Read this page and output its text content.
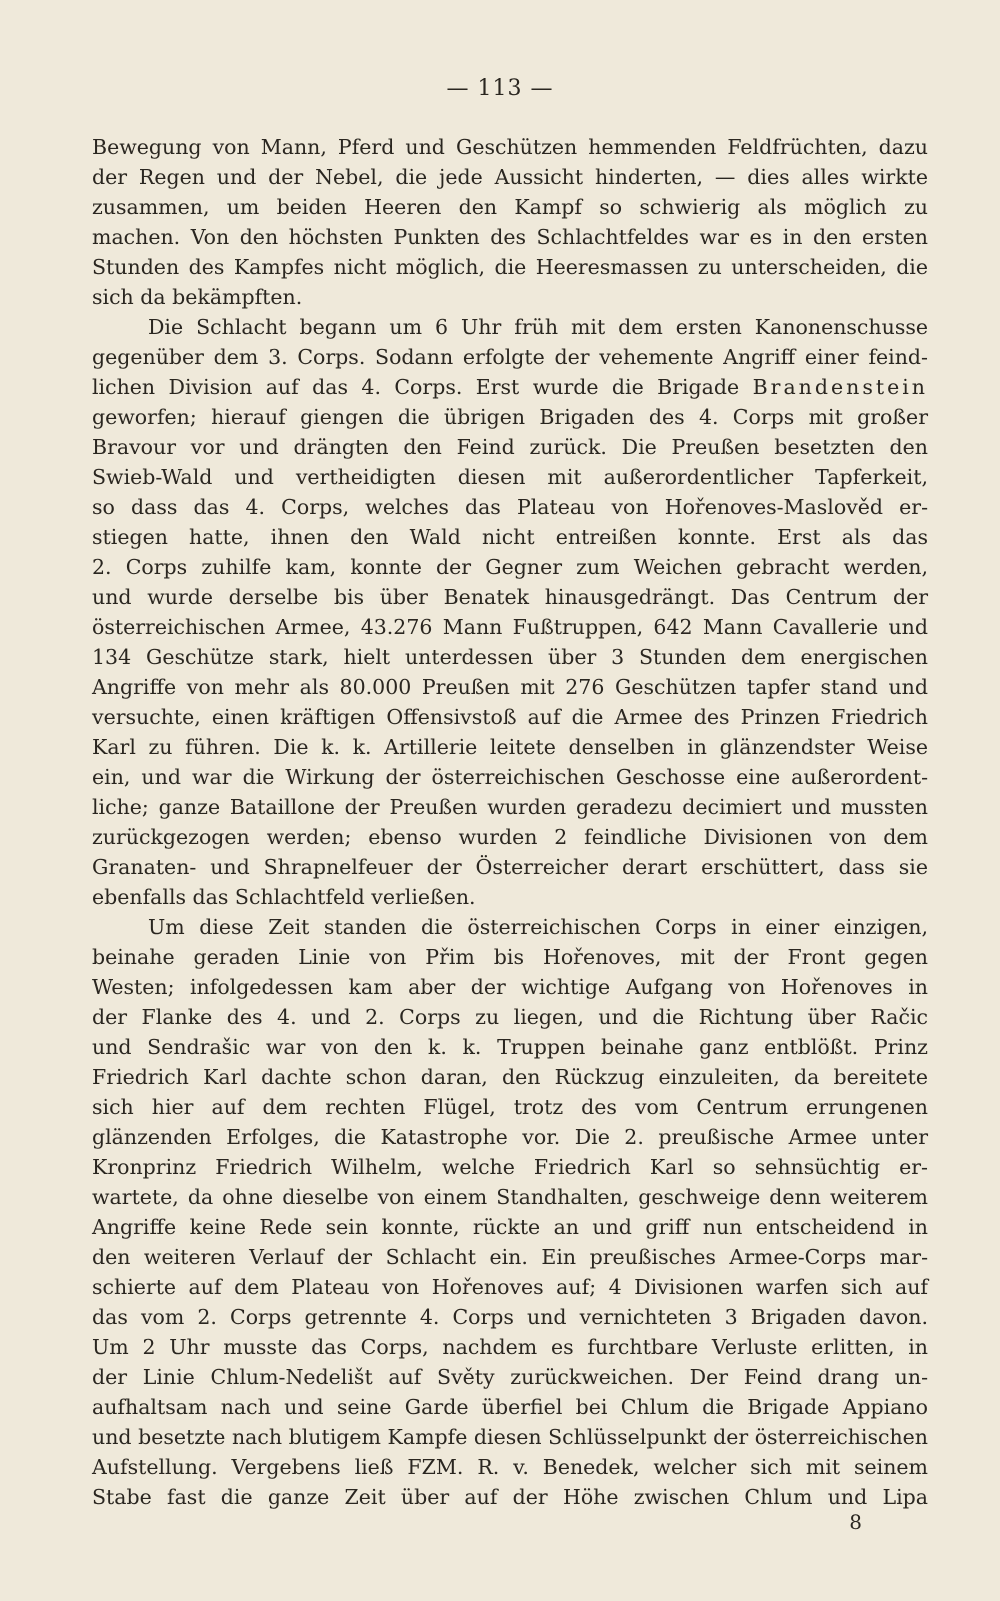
— 113 —
Bewegung von Mann, Pferd und Geschützen hemmenden Feldfrüchten, dazu
der Regen und der Nebel, die jede Aussicht hinderten, — dies alles wirkte
zusammen, um beiden Heeren den Kampf so schwierig als möglich zu
machen. Von den höchsten Punkten des Schlachtfeldes war es in den ersten
Stunden des Kampfes nicht möglich, die Heeresmassen zu unterscheiden, die
sich da bekämpften.
Die Schlacht begann um 6 Uhr früh mit dem ersten Kanonenschusse
gegenüber dem 3. Corps. Sodann erfolgte der vehemente Angriff einer feind-
lichen Division auf das 4. Corps. Erst wurde die Brigade Brandenstein
geworfen; hierauf giengen die übrigen Brigaden des 4. Corps mit großer
Bravour vor und drängten den Feind zurück. Die Preußen besetzten den
Swieb-Wald und vertheidigten diesen mit außerordentlicher Tapferkeit,
so dass das 4. Corps, welches das Plateau von Hořenoves-Maslověd er-
stiegen hatte, ihnen den Wald nicht entreißen konnte. Erst als das
2. Corps zuhilfe kam, konnte der Gegner zum Weichen gebracht werden,
und wurde derselbe bis über Benatek hinausgedrängt. Das Centrum der
österreichischen Armee, 43.276 Mann Fußtruppen, 642 Mann Cavallerie und
134 Geschütze stark, hielt unterdessen über 3 Stunden dem energischen
Angriffe von mehr als 80.000 Preußen mit 276 Geschützen tapfer stand und
versuchte, einen kräftigen Offensivstoß auf die Armee des Prinzen Friedrich
Karl zu führen. Die k. k. Artillerie leitete denselben in glänzendster Weise
ein, und war die Wirkung der österreichischen Geschosse eine außerordent-
liche; ganze Bataillone der Preußen wurden geradezu decimiert und mussten
zurückgezogen werden; ebenso wurden 2 feindliche Divisionen von dem
Granaten- und Shrapnelfeuer der Österreicher derart erschüttert, dass sie
ebenfalls das Schlachtfeld verließen.
Um diese Zeit standen die österreichischen Corps in einer einzigen,
beinahe geraden Linie von Přim bis Hořenoves, mit der Front gegen
Westen; infolgedessen kam aber der wichtige Aufgang von Hořenoves in
der Flanke des 4. und 2. Corps zu liegen, und die Richtung über Račic
und Sendrašic war von den k. k. Truppen beinahe ganz entblößt. Prinz
Friedrich Karl dachte schon daran, den Rückzug einzuleiten, da bereitete
sich hier auf dem rechten Flügel, trotz des vom Centrum errungenen
glänzenden Erfolges, die Katastrophe vor. Die 2. preußische Armee unter
Kronprinz Friedrich Wilhelm, welche Friedrich Karl so sehnsüchtig er-
wartete, da ohne dieselbe von einem Standhalten, geschweige denn weiterem
Angriffe keine Rede sein konnte, rückte an und griff nun entscheidend in
den weiteren Verlauf der Schlacht ein. Ein preußisches Armee-Corps mar-
schierte auf dem Plateau von Hořenoves auf; 4 Divisionen warfen sich auf
das vom 2. Corps getrennte 4. Corps und vernichteten 3 Brigaden davon.
Um 2 Uhr musste das Corps, nachdem es furchtbare Verluste erlitten, in
der Linie Chlum-Nedelišt auf Světy zurückweichen. Der Feind drang un-
aufhaltsam nach und seine Garde überfiel bei Chlum die Brigade Appiano
und besetzte nach blutigem Kampfe diesen Schlüsselpunkt der österreichischen
Aufstellung. Vergebens ließ FZM. R. v. Benedek, welcher sich mit seinem
Stabe fast die ganze Zeit über auf der Höhe zwischen Chlum und Lipa
8
